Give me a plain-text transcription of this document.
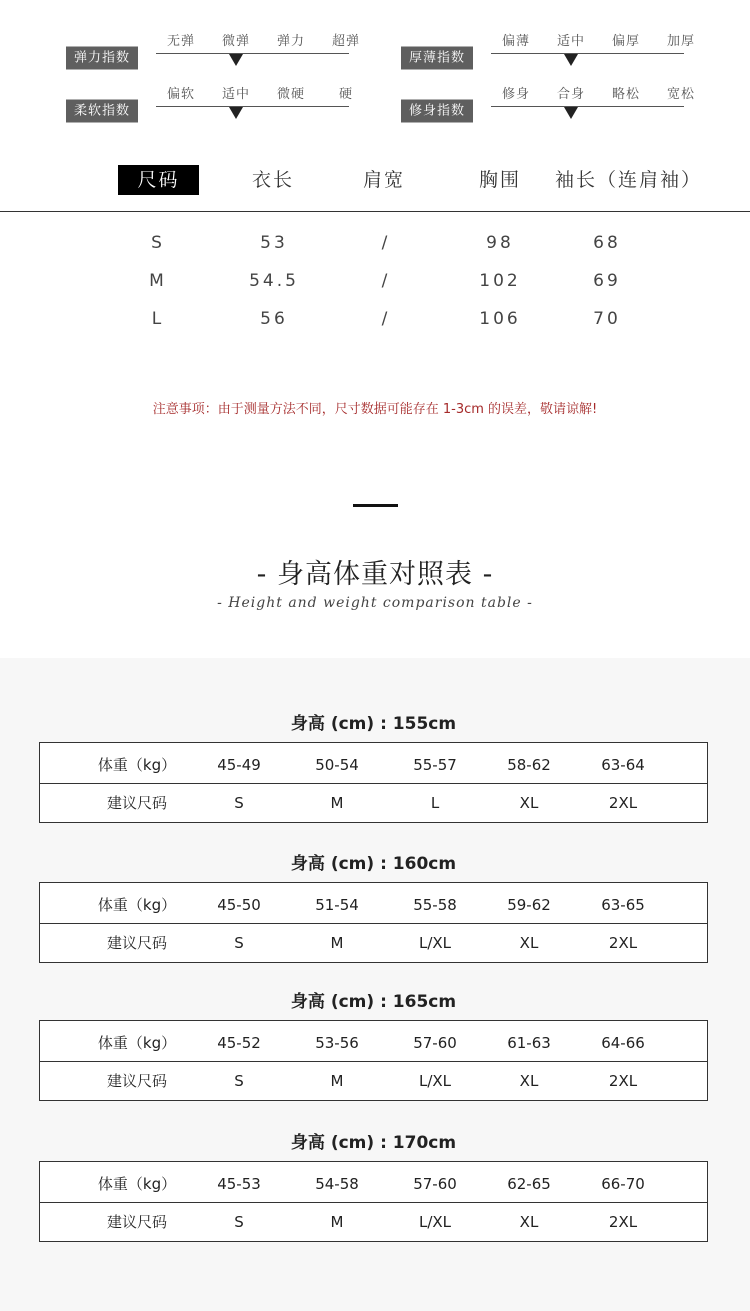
弹力指数
无弹	微弹	弹力	超弹
厚薄指数
偏薄	适中	偏厚	加厚
柔软指数
偏软	适中	微硬	硬
修身指数
修身	合身	略松	宽松
尺码	衣长	肩宽	胸围 袖长（连肩袖）
S	53	/	98	68
M	54.5	/	102	69
L	56	/	106	70
注意事项：由于测量方法不同，尺寸数据可能存在 1-3cm 的误差，敬请谅解!
- 身高体重对照表 -
- Height and weight comparison table -
身高 (cm) : 155cm
体重（kg）	45-49	50-54	55-57	58-62	63-64
建议尺码	S	M	L	XL	2XL
身高 (cm) : 160cm
体重（kg）	45-50	51-54	55-58	59-62	63-65
建议尺码	S	M	L/XL	XL	2XL
身高 (cm) : 165cm
体重（kg）	45-52	53-56	57-60	61-63	64-66
建议尺码	S	M	L/XL	XL	2XL
身高 (cm) : 170cm
体重（kg）	45-53	54-58	57-60	62-65	66-70
建议尺码	S	M	L/XL	XL	2XL
